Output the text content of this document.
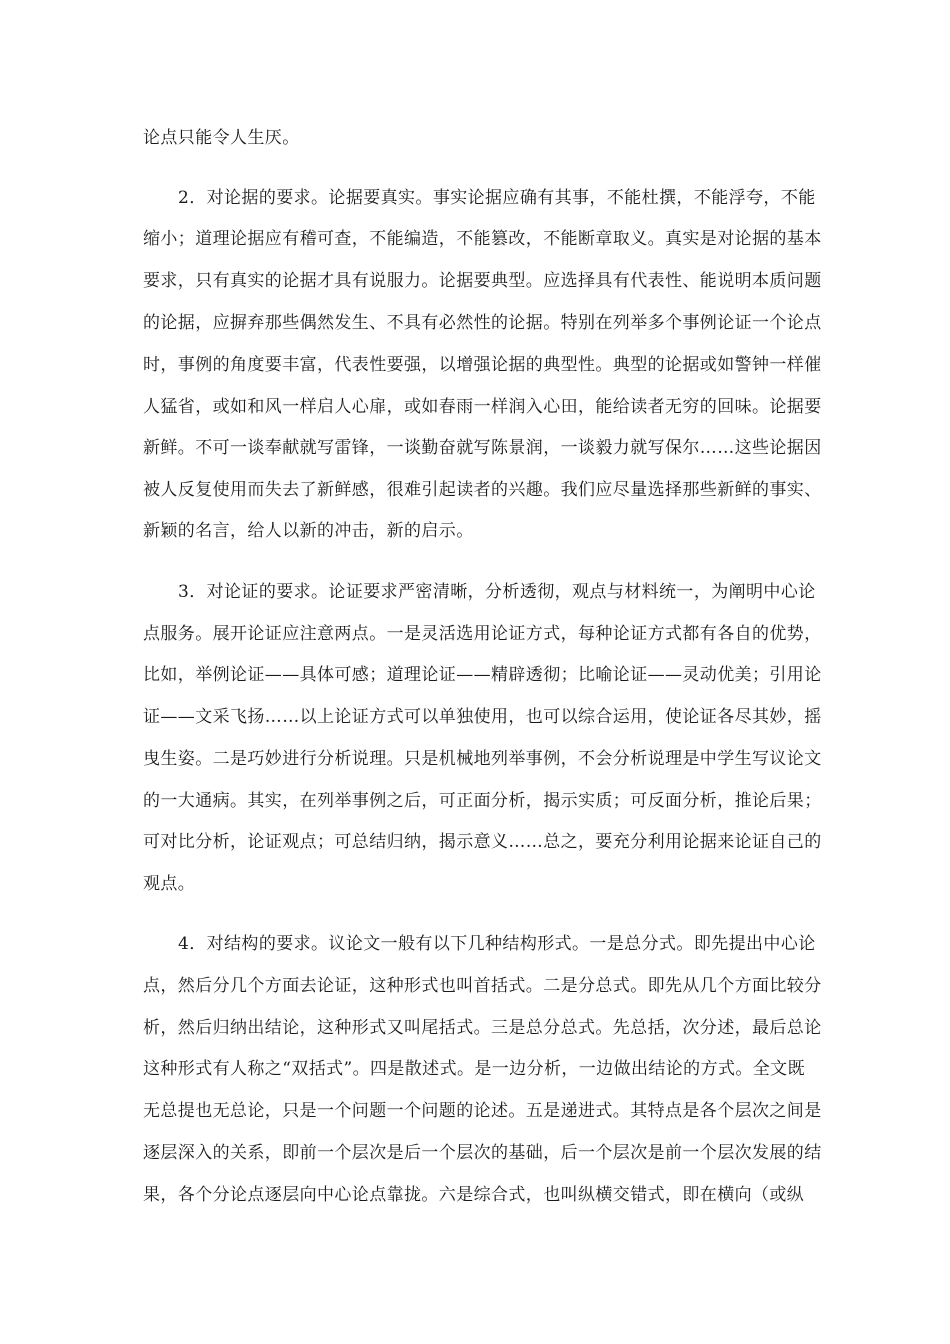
论点只能令人生厌。
2．对论据的要求。论据要真实。事实论据应确有其事，不能杜撰，不能浮夸，不能
缩小；道理论据应有稽可查，不能编造，不能篡改，不能断章取义。真实是对论据的基本
要求，只有真实的论据才具有说服力。论据要典型。应选择具有代表性、能说明本质问题
的论据，应摒弃那些偶然发生、不具有必然性的论据。特别在列举多个事例论证一个论点
时，事例的角度要丰富，代表性要强，以增强论据的典型性。典型的论据或如警钟一样催
人猛省，或如和风一样启人心扉，或如春雨一样润入心田，能给读者无穷的回味。论据要
新鲜。不可一谈奉献就写雷锋，一谈勤奋就写陈景润，一谈毅力就写保尔……这些论据因
被人反复使用而失去了新鲜感，很难引起读者的兴趣。我们应尽量选择那些新鲜的事实、
新颖的名言，给人以新的冲击，新的启示。
3．对论证的要求。论证要求严密清晰，分析透彻，观点与材料统一，为阐明中心论
点服务。展开论证应注意两点。一是灵活选用论证方式，每种论证方式都有各自的优势，
比如，举例论证——具体可感；道理论证——精辟透彻；比喻论证——灵动优美；引用论
证——文采飞扬……以上论证方式可以单独使用，也可以综合运用，使论证各尽其妙，摇
曳生姿。二是巧妙进行分析说理。只是机械地列举事例，不会分析说理是中学生写议论文
的一大通病。其实，在列举事例之后，可正面分析，揭示实质；可反面分析，推论后果；
可对比分析，论证观点；可总结归纳，揭示意义……总之，要充分利用论据来论证自己的
观点。
4．对结构的要求。议论文一般有以下几种结构形式。一是总分式。即先提出中心论
点，然后分几个方面去论证，这种形式也叫首括式。二是分总式。即先从几个方面比较分
析，然后归纳出结论，这种形式又叫尾括式。三是总分总式。先总括，次分述，最后总论
这种形式有人称之“双括式”。四是散述式。是一边分析，一边做出结论的方式。全文既
无总提也无总论，只是一个问题一个问题的论述。五是递进式。其特点是各个层次之间是
逐层深入的关系，即前一个层次是后一个层次的基础，后一个层次是前一个层次发展的结
果，各个分论点逐层向中心论点靠拢。六是综合式，也叫纵横交错式，即在横向（或纵
